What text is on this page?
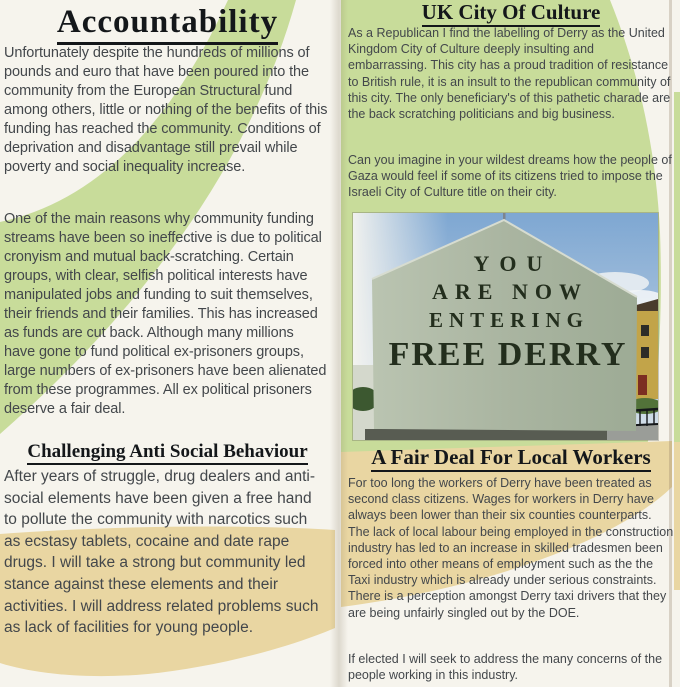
Accountability

Unfortunately despite the hundreds of millions of pounds and euro that have been poured into the community from the European Structural fund among others, little or nothing of the benefits of this funding has reached the community. Conditions of deprivation and disadvantage still prevail while poverty and social inequality increase.

One of the main reasons why community funding streams have been so ineffective is due to political cronyism and mutual back-scratching. Certain groups, with clear, selfish political interests have manipulated jobs and funding to suit themselves, their friends and their families. This has increased as funds are cut back. Although many millions have gone to fund political ex-prisoners groups, large numbers of ex-prisoners have been alienated from these programmes. All ex political prisoners deserve a fair deal.

Challenging Anti Social Behaviour

After years of struggle, drug dealers and anti-social elements have been given a free hand to pollute the community with narcotics such as ecstasy tablets, cocaine and date rape drugs. I will take a strong but community led stance against these elements and their activities. I will address related problems such as lack of facilities for young people.

UK City Of Culture

As a Republican I find the labelling of Derry as the United Kingdom City of Culture deeply insulting and embarrassing. This city has a proud tradition of resistance to British rule, it is an insult to the republican community of this city. The only beneficiary's of this pathetic charade are the back scratching politicians and big business.

Can you imagine in your wildest dreams how the people of Gaza would feel if some of its citizens tried to impose the Israeli City of Culture title on their city.

YOU
ARE NOW
ENTERING
FREE DERRY
A Fair Deal For Local Workers

For too long the workers of Derry have been treated as second class citizens. Wages for workers in Derry have always been lower than their six counties counterparts. The lack of local labour being employed in the construction industry has led to an increase in skilled tradesmen been forced into other means of employment such as the the Taxi industry which is already under serious constraints. There is a perception amongst Derry taxi drivers that they are being unfairly singled out by the DOE.

If elected I will seek to address the many concerns of the people working in this industry.
